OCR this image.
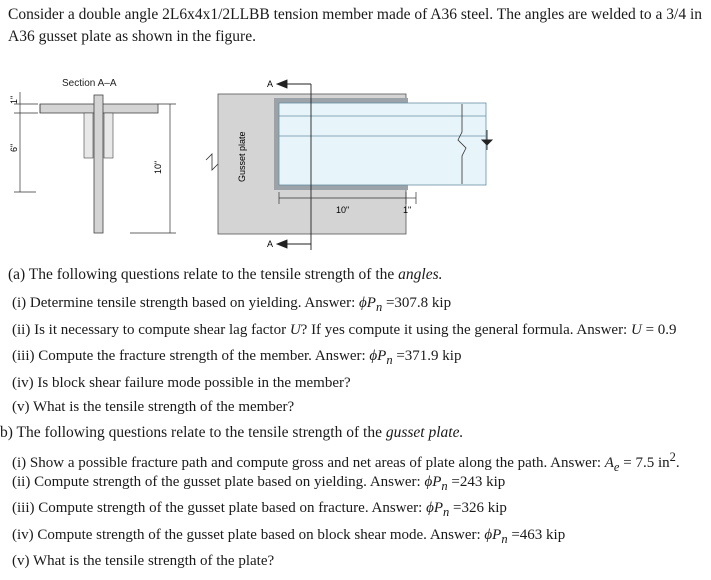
Consider a double angle 2L6x4x1/2LLBB tension member made of A36 steel. The angles are welded to a 3/4 in A36 gusset plate as shown in the figure.

Section A–A
1"
6"
10"	Gusset plate
A
A
10"	1"
(a) The following questions relate to the tensile strength of the angles.
(i) Determine tensile strength based on yielding. Answer: $\phi P_n =307.8$ kip
(ii) Is it necessary to compute shear lag factor U? If yes compute it using the general formula. Answer: U = 0.9
(iii) Compute the fracture strength of the member. Answer: $\phi P_n =371.9$ kip
(iv) Is block shear failure mode possible in the member?
(v) What is the tensile strength of the member?
b) The following questions relate to the tensile strength of the gusset plate.
(i) Show a possible fracture path and compute gross and net areas of plate along the path. Answer: $A_e = 7.5$ $in^2$.
(ii) Compute strength of the gusset plate based on yielding. Answer: $\phi P_n =243$ kip
(iii) Compute strength of the gusset plate based on fracture. Answer: $\phi P_n =326$ kip
(iv) Compute strength of the gusset plate based on block shear mode. Answer: $\phi P_n =463$ kip
(v) What is the tensile strength of the plate?
